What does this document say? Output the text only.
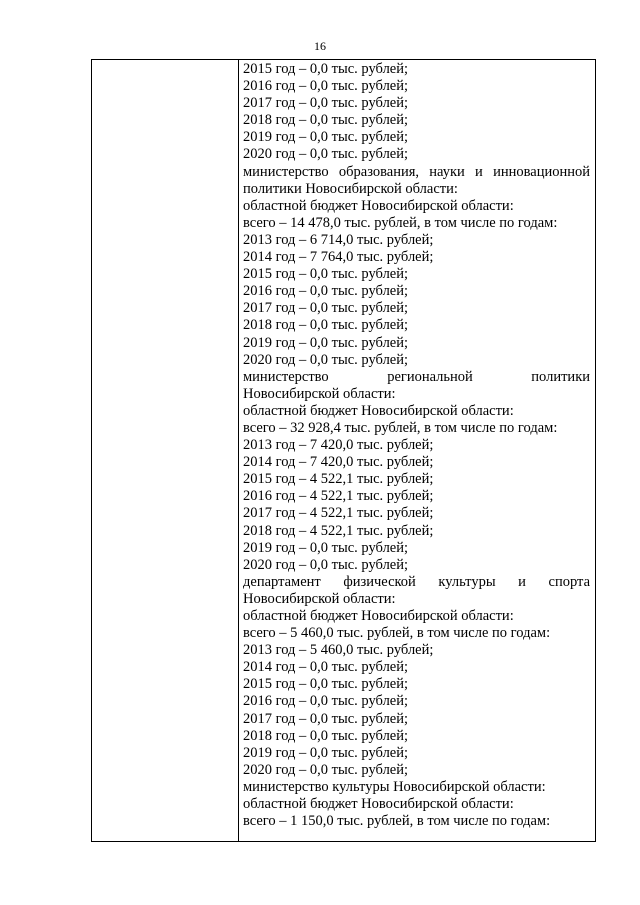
16
2015 год – 0,0 тыс. рублей;
2016 год – 0,0 тыс. рублей;
2017 год – 0,0 тыс. рублей;
2018 год – 0,0 тыс. рублей;
2019 год – 0,0 тыс. рублей;
2020 год – 0,0 тыс. рублей;
министерство образования, науки и инновационной
политики Новосибирской области:
областной бюджет Новосибирской области:
всего – 14 478,0 тыс. рублей, в том числе по годам:
2013 год – 6 714,0 тыс. рублей;
2014 год – 7 764,0 тыс. рублей;
2015 год – 0,0 тыс. рублей;
2016 год – 0,0 тыс. рублей;
2017 год – 0,0 тыс. рублей;
2018 год – 0,0 тыс. рублей;
2019 год – 0,0 тыс. рублей;
2020 год – 0,0 тыс. рублей;
министерство региональной политики
Новосибирской области:
областной бюджет Новосибирской области:
всего – 32 928,4 тыс. рублей, в том числе по годам:
2013 год – 7 420,0 тыс. рублей;
2014 год – 7 420,0 тыс. рублей;
2015 год – 4 522,1 тыс. рублей;
2016 год – 4 522,1 тыс. рублей;
2017 год – 4 522,1 тыс. рублей;
2018 год – 4 522,1 тыс. рублей;
2019 год – 0,0 тыс. рублей;
2020 год – 0,0 тыс. рублей;
департамент физической культуры и спорта
Новосибирской области:
областной бюджет Новосибирской области:
всего – 5 460,0 тыс. рублей, в том числе по годам:
2013 год – 5 460,0 тыс. рублей;
2014 год – 0,0 тыс. рублей;
2015 год – 0,0 тыс. рублей;
2016 год – 0,0 тыс. рублей;
2017 год – 0,0 тыс. рублей;
2018 год – 0,0 тыс. рублей;
2019 год – 0,0 тыс. рублей;
2020 год – 0,0 тыс. рублей;
министерство культуры Новосибирской области:
областной бюджет Новосибирской области:
всего – 1 150,0 тыс. рублей, в том числе по годам:
